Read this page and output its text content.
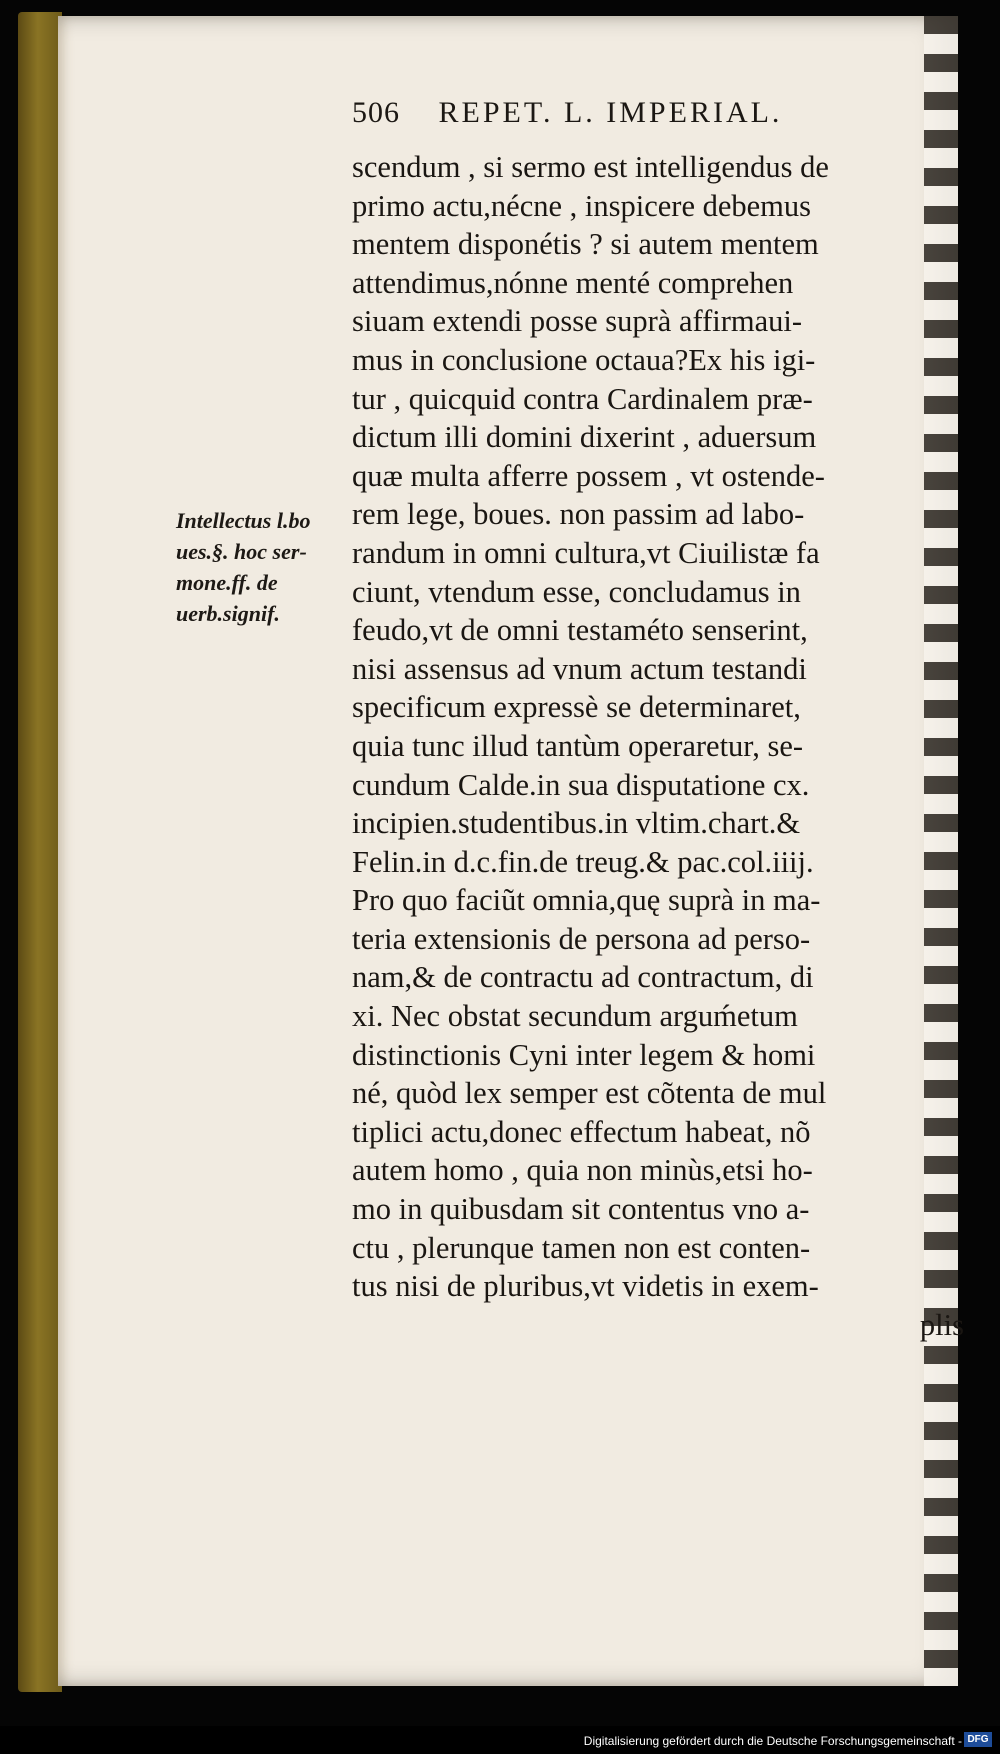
506 REPET. L. IMPERIAL.
Intellectus l.bo
ues.§. hoc ser-
mone.ff. de
uerb.signif.
scendum , si sermo est intelligendus de
primo actu,nécne , inspicere debemus
mentem disponétis ? si autem mentem
attendimus,nónne menté comprehen
siuam extendi posse suprà affirmaui-
mus in conclusione octaua?Ex his igi-
tur , quicquid contra Cardinalem præ-
dictum illi domini dixerint , aduersum
quæ multa afferre possem , vt ostende-
rem lege, boues. non passim ad labo-
randum in omni cultura,vt Ciuilistæ fa
ciunt, vtendum esse, concludamus in
feudo,vt de omni testaméto senserint,
nisi assensus ad vnum actum testandi
specificum expressè se determinaret,
quia tunc illud tantùm operaretur, se-
cundum Calde.in sua disputatione cx.
incipien.studentibus.in vltim.chart.&
Felin.in d.c.fin.de treug.& pac.col.iiij.
Pro quo faciũt omnia,quę suprà in ma-
teria extensionis de persona ad perso-
nam,& de contractu ad contractum, di
xi. Nec obstat secundum arguḿetum
distinctionis Cyni inter legem & homi
né, quòd lex semper est cõtenta de mul
tiplici actu,donec effectum habeat, nõ
autem homo , quia non minùs,etsi ho-
mo in quibusdam sit contentus vno a-
ctu , plerunque tamen non est conten-
tus nisi de pluribus,vt videtis in exem-
plis
Digitalisierung gefördert durch die Deutsche Forschungsgemeinschaft - DFG
